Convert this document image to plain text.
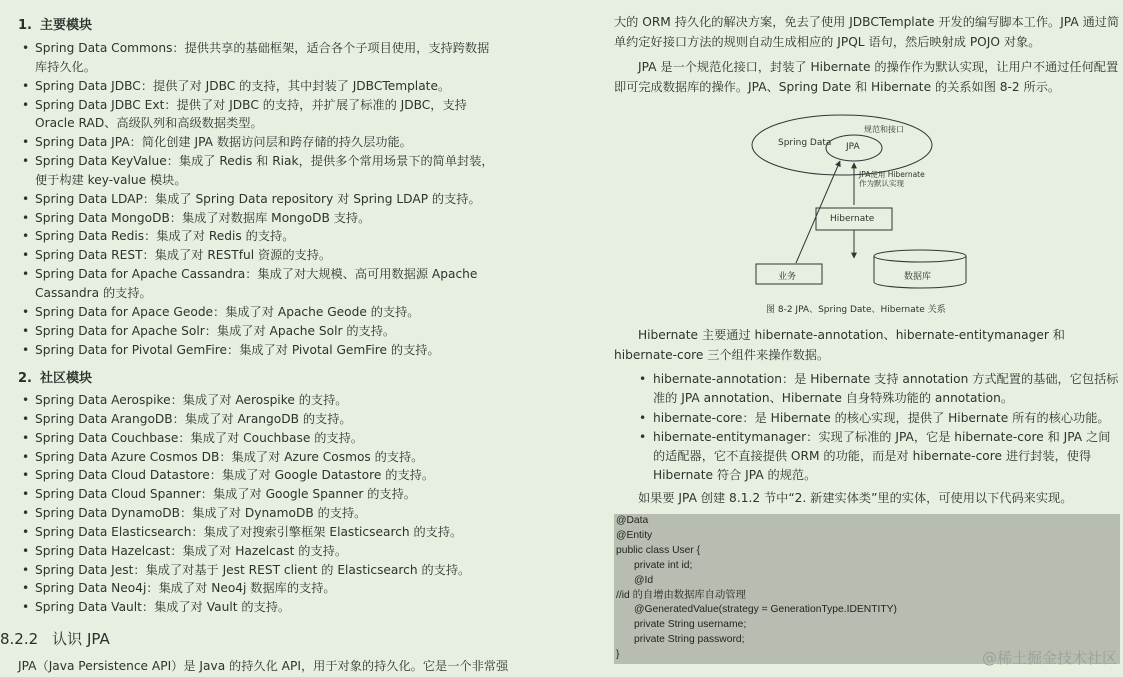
1. 主要模块
• Spring Data Commons：提供共享的基础框架，适合各个子项目使用，支持跨数据库持久化。
• Spring Data JDBC：提供了对 JDBC 的支持，其中封装了 JDBCTemplate。
• Spring Data JDBC Ext：提供了对 JDBC 的支持，并扩展了标准的 JDBC，支持 Oracle RAD、高级队列和高级数据类型。
• Spring Data JPA：简化创建 JPA 数据访问层和跨存储的持久层功能。
• Spring Data KeyValue：集成了 Redis 和 Riak，提供多个常用场景下的简单封装，便于构建 key-value 模块。
• Spring Data LDAP：集成了 Spring Data repository 对 Spring LDAP 的支持。
• Spring Data MongoDB：集成了对数据库 MongoDB 支持。
• Spring Data Redis：集成了对 Redis 的支持。
• Spring Data REST：集成了对 RESTful 资源的支持。
• Spring Data for Apache Cassandra：集成了对大规模、高可用数据源 Apache Cassandra 的支持。
• Spring Data for Apace Geode：集成了对 Apache Geode 的支持。
• Spring Data for Apache Solr：集成了对 Apache Solr 的支持。
• Spring Data for Pivotal GemFire：集成了对 Pivotal GemFire 的支持。
2. 社区模块
• Spring Data Aerospike：集成了对 Aerospike 的支持。
• Spring Data ArangoDB：集成了对 ArangoDB 的支持。
• Spring Data Couchbase：集成了对 Couchbase 的支持。
• Spring Data Azure Cosmos DB：集成了对 Azure Cosmos 的支持。
• Spring Data Cloud Datastore：集成了对 Google Datastore 的支持。
• Spring Data Cloud Spanner：集成了对 Google Spanner 的支持。
• Spring Data DynamoDB：集成了对 DynamoDB 的支持。
• Spring Data Elasticsearch：集成了对搜索引擎框架 Elasticsearch 的支持。
• Spring Data Hazelcast：集成了对 Hazelcast 的支持。
• Spring Data Jest：集成了对基于 Jest REST client 的 Elasticsearch 的支持。
• Spring Data Neo4j：集成了对 Neo4j 数据库的支持。
• Spring Data Vault：集成了对 Vault 的支持。
8.2.2 认识 JPA

JPA（Java Persistence API）是 Java 的持久化 API，用于对象的持久化。它是一个非常强

大的 ORM 持久化的解决方案，免去了使用 JDBCTemplate 开发的编写脚本工作。JPA 通过简单约定好接口方法的规则自动生成相应的 JPQL 语句，然后映射成 POJO 对象。

JPA 是一个规范化接口，封装了 Hibernate 的操作作为默认实现，让用户不通过任何配置即可完成数据库的操作。JPA、Spring Date 和 Hibernate 的关系如图 8-2 所示。

规范和接口
Spring Data JPA
JPA使用 Hibernate作为默认实现
Hibernate
业务	数据库
图 8-2 JPA、Spring Date、Hibernate 关系

Hibernate 主要通过 hibernate-annotation、hibernate-entitymanager 和 hibernate-core 三个组件来操作数据。

• hibernate-annotation：是 Hibernate 支持 annotation 方式配置的基础，它包括标准的 JPA annotation、Hibernate 自身特殊功能的 annotation。
• hibernate-core：是 Hibernate 的核心实现，提供了 Hibernate 所有的核心功能。
• hibernate-entitymanager：实现了标准的 JPA，它是 hibernate-core 和 JPA 之间的适配器，它不直接提供 ORM 的功能，而是对 hibernate-core 进行封装，使得 Hibernate 符合 JPA 的规范。

如果要 JPA 创建 8.1.2 节中“2. 新建实体类”里的实体，可使用以下代码来实现。

@Data
@Entity
public class User {
private int id;
@Id
//id 的自增由数据库自动管理
@GeneratedValue(strategy = GenerationType.IDENTITY)
private String username;
private String password;
}	@稀土掘金技术社区
